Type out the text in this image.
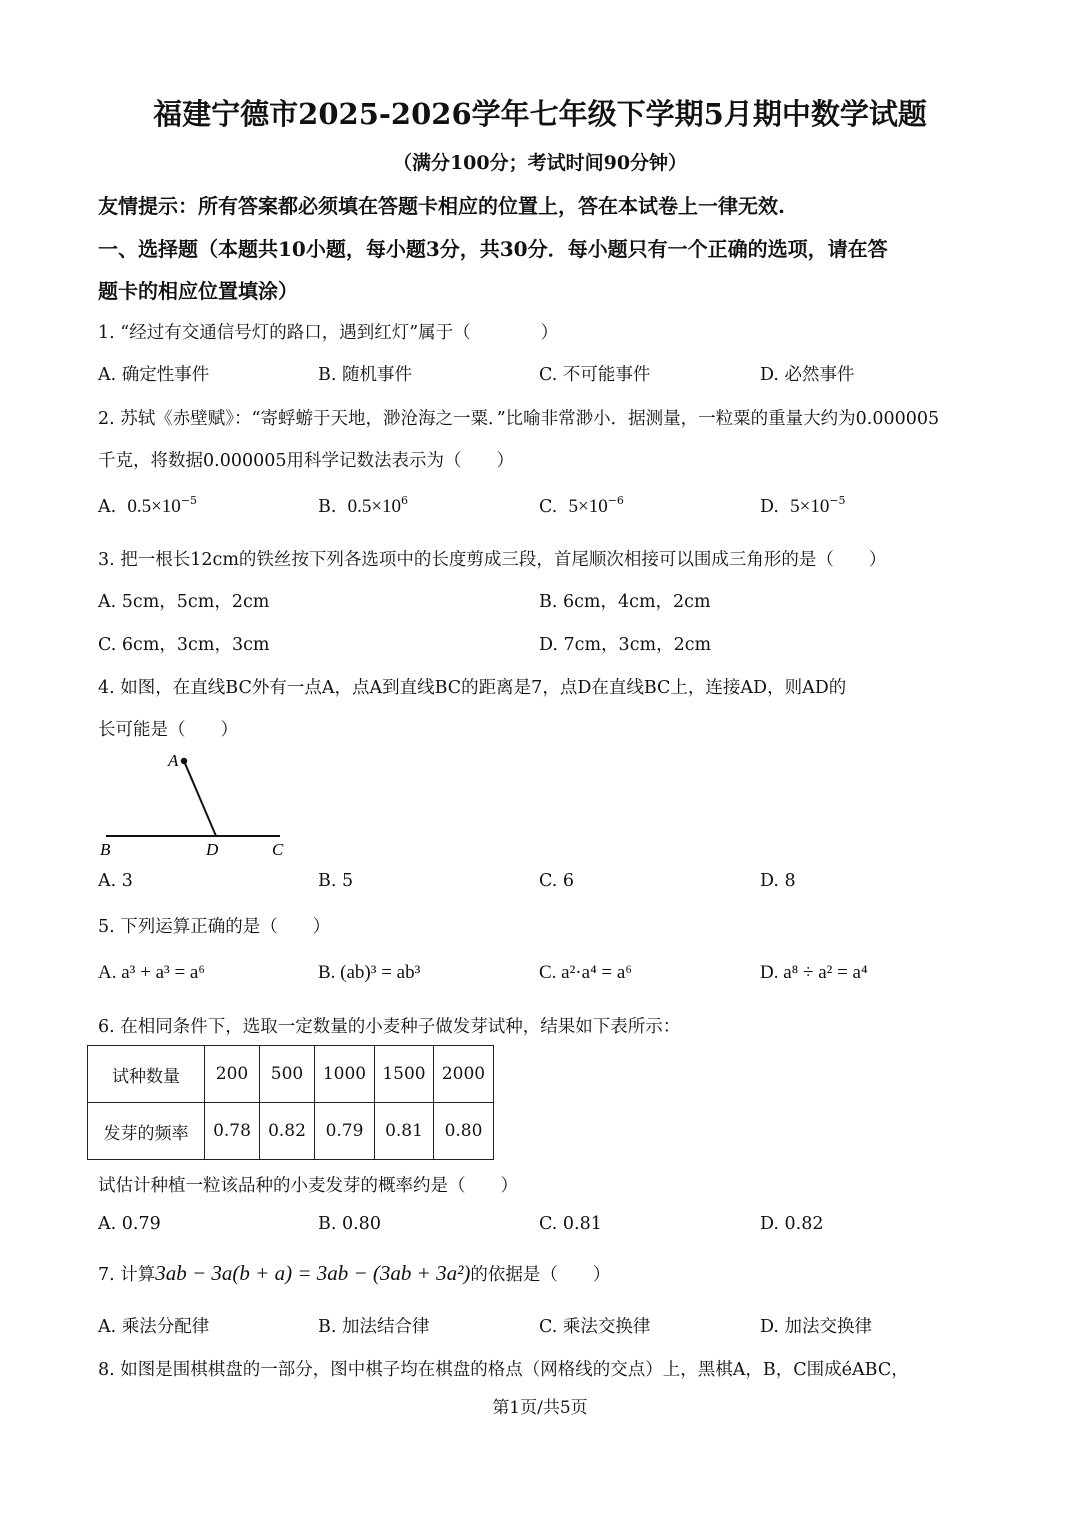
福建宁德市2025-2026学年七年级下学期5月期中数学试题
（满分100分；考试时间90分钟）
友情提示：所有答案都必须填在答题卡相应的位置上，答在本试卷上一律无效.
一、选择题（本题共10小题，每小题3分，共30分．每小题只有一个正确的选项，请在答
题卡的相应位置填涂）
1. “经过有交通信号灯的路口，遇到红灯”属于（　　　　）
A. 确定性事件	B. 随机事件	C. 不可能事件	D. 必然事件
2. 苏轼《赤壁赋》：“寄蜉蝣于天地，渺沧海之一粟．”比喻非常渺小．据测量，一粒粟的重量大约为0.000005
千克，将数据0.000005用科学记数法表示为（　　）
A. $0.5\times 10^{-5}$	B. $0.5\times 10^6$	C. $5\times 10^{-6}$	D. $5\times 10^{-5}$
3. 把一根长12cm的铁丝按下列各选项中的长度剪成三段，首尾顺次相接可以围成三角形的是（　　）
A. 5cm，5cm，2cm	B. 6cm，4cm，2cm
C. 6cm，3cm，3cm	D. 7cm，3cm，2cm
4. 如图，在直线BC外有一点A，点A到直线BC的距离是7，点D在直线BC上，连接AD，则AD的
长可能是（　　）
A
B	D	C
A. 3	B. 5	C. 6	D. 8
5. 下列运算正确的是（　　）
A. a³ + a³ = a⁶	B. (ab)³ = ab³	C. a²·a⁴ = a⁶	D. a⁸ ÷ a² = a⁴
6. 在相同条件下，选取一定数量的小麦种子做发芽试种，结果如下表所示：
试种数量	200	500	1000	1500	2000
发芽的频率	0.78	0.82	0.79	0.81	0.80
试估计种植一粒该品种的小麦发芽的概率约是（　　）
A. 0.79	B. 0.80	C. 0.81	D. 0.82
7. 计算3ab − 3a(b + a) = 3ab − (3ab + 3a²)的依据是（　　）
A. 乘法分配律	B. 加法结合律	C. 乘法交换律	D. 加法交换律
8. 如图是围棋棋盘的一部分，图中棋子均在棋盘的格点（网格线的交点）上，黑棋A，B，C围成éABC，
第1页/共5页
